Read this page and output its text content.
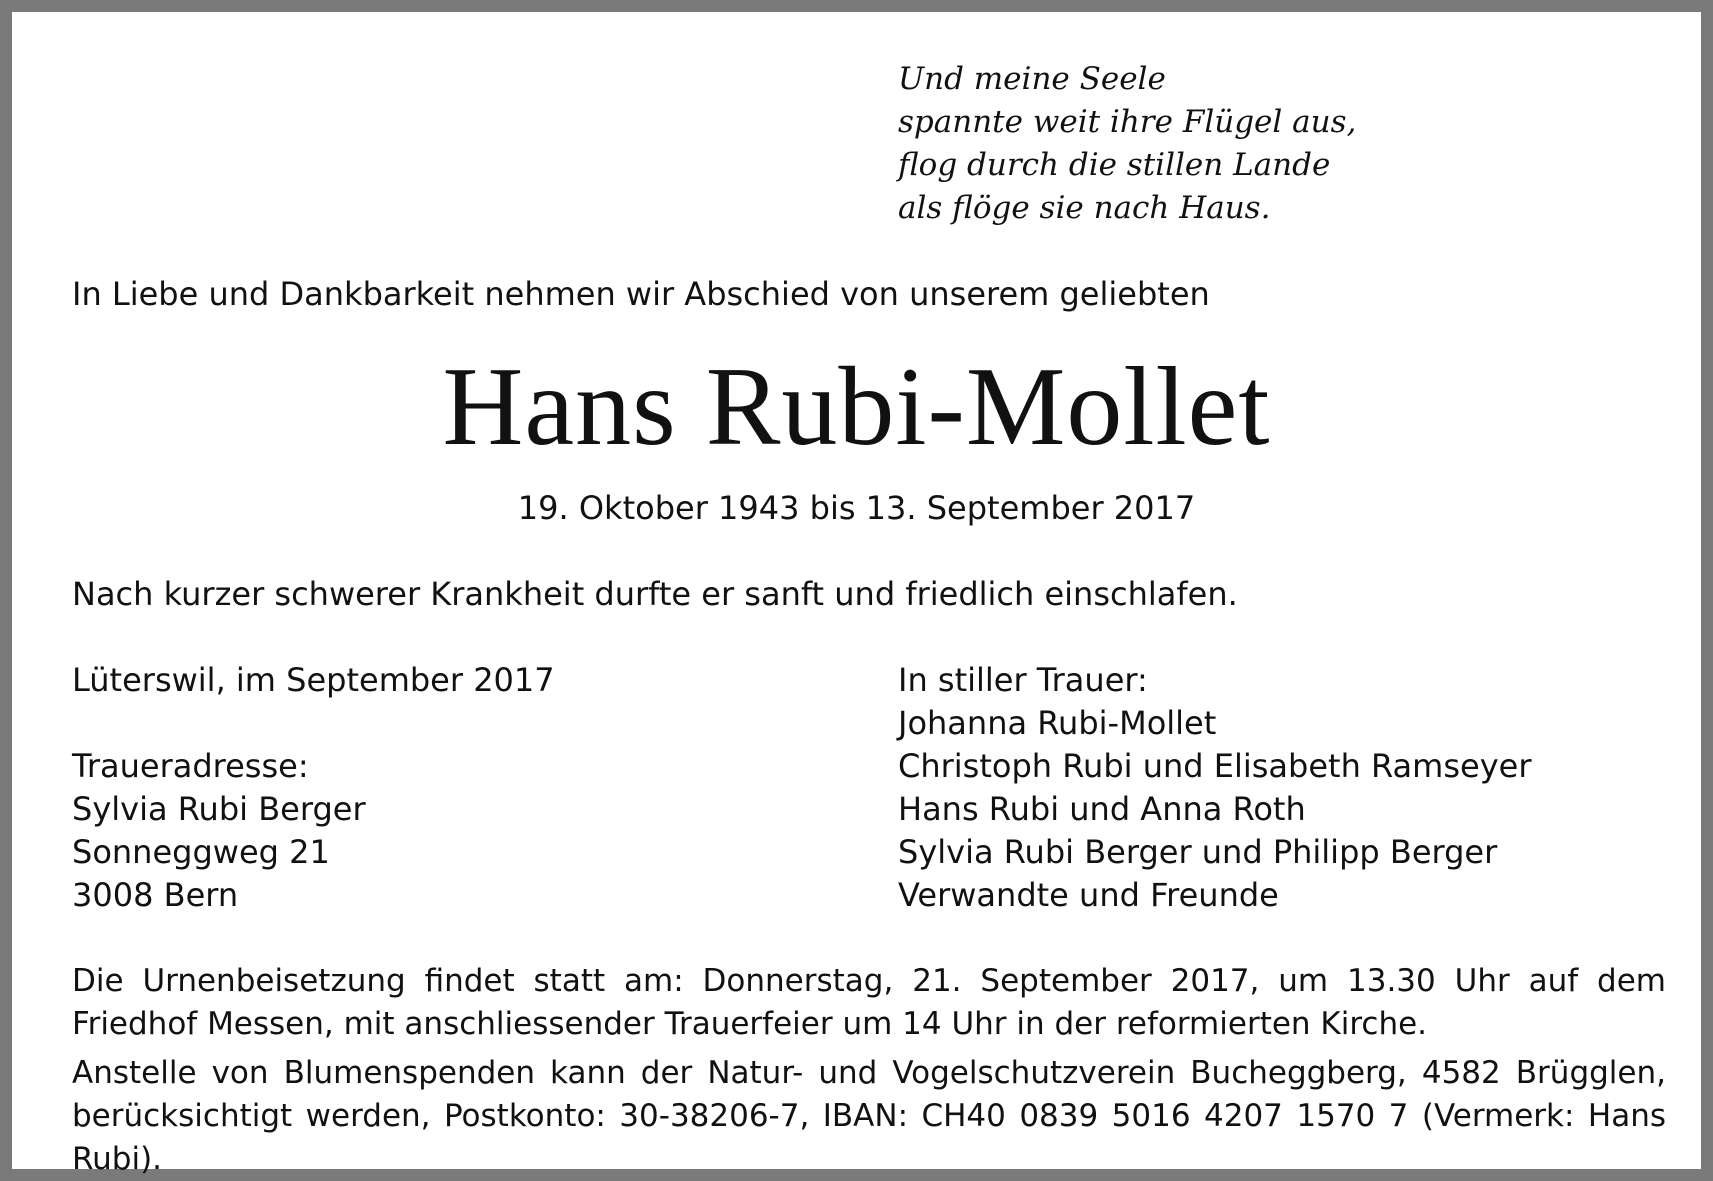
Und meine Seele
spannte weit ihre Flügel aus,
flog durch die stillen Lande
als flöge sie nach Haus.
In Liebe und Dankbarkeit nehmen wir Abschied von unserem geliebten
Hans Rubi-Mollet
19. Oktober 1943 bis 13. September 2017
Nach kurzer schwerer Krankheit durfte er sanft und friedlich einschlafen.
Lüterswil, im September 2017
Traueradresse:
Sylvia Rubi Berger
Sonneggweg 21
3008 Bern
In stiller Trauer:
Johanna Rubi-Mollet
Christoph Rubi und Elisabeth Ramseyer
Hans Rubi und Anna Roth
Sylvia Rubi Berger und Philipp Berger
Verwandte und Freunde
Die Urnenbeisetzung findet statt am: Donnerstag, 21. September 2017, um 13.30 Uhr auf dem Friedhof Messen, mit anschliessender Trauerfeier um 14 Uhr in der reformierten Kirche.
Anstelle von Blumenspenden kann der Natur- und Vogelschutzverein Bucheggberg, 4582 Brügglen, berücksichtigt werden, Postkonto: 30-38206-7, IBAN: CH40 0839 5016 4207 1570 7 (Vermerk: Hans Rubi).
